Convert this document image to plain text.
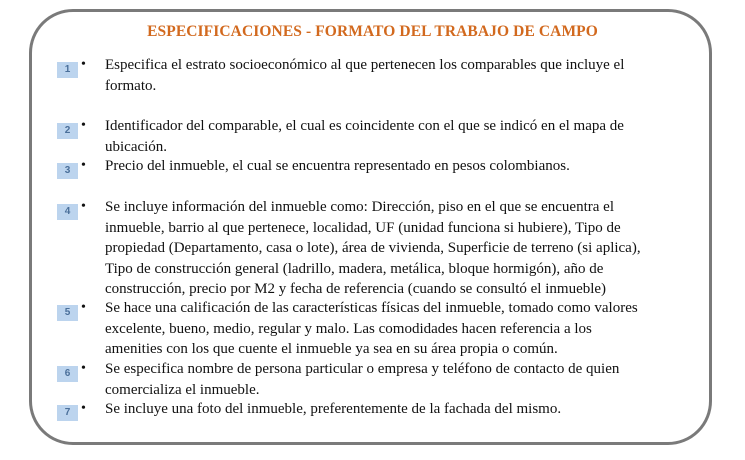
ESPECIFICACIONES - FORMATO DEL TRABAJO DE CAMPO
1 • Especifica el estrato socioeconómico al que pertenecen los comparables que incluye el
formato.
2 • Identificador del comparable, el cual es coincidente con el que se indicó en el mapa de
ubicación.
3 • Precio del inmueble, el cual se encuentra representado en pesos colombianos.
4 • Se incluye información del inmueble como: Dirección, piso en el que se encuentra el
inmueble, barrio al que pertenece, localidad, UF (unidad funciona si hubiere), Tipo de
propiedad (Departamento, casa o lote), área de vivienda, Superficie de terreno (si aplica),
Tipo de construcción general (ladrillo, madera, metálica, bloque hormigón), año de
construcción, precio por M2 y fecha de referencia (cuando se consultó el inmueble)
5 • Se hace una calificación de las características físicas del inmueble, tomado como valores
excelente, bueno, medio, regular y malo. Las comodidades hacen referencia a los
amenities con los que cuente el inmueble ya sea en su área propia o común.
6 • Se especifica nombre de persona particular o empresa y teléfono de contacto de quien
comercializa el inmueble.
7 • Se incluye una foto del inmueble, preferentemente de la fachada del mismo.
